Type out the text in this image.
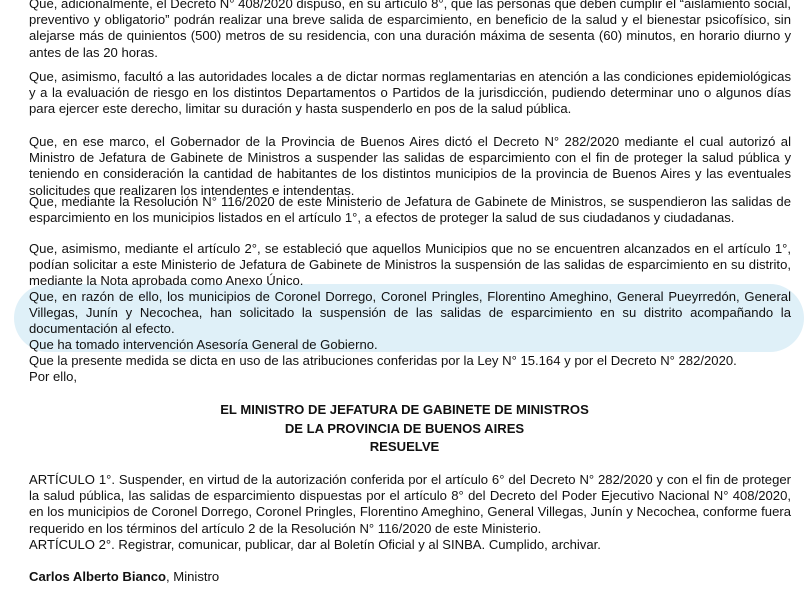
Que, adicionalmente, el Decreto N° 408/2020 dispuso, en su artículo 8°, que las personas que deben cumplir el “aislamiento social, preventivo y obligatorio” podrán realizar una breve salida de esparcimiento, en beneficio de la salud y el bienestar psicofísico, sin alejarse más de quinientos (500) metros de su residencia, con una duración máxima de sesenta (60) minutos, en horario diurno y antes de las 20 horas.

Que, asimismo, facultó a las autoridades locales a de dictar normas reglamentarias en atención a las condiciones epidemiológicas y a la evaluación de riesgo en los distintos Departamentos o Partidos de la jurisdicción, pudiendo determinar uno o algunos días para ejercer este derecho, limitar su duración y hasta suspenderlo en pos de la salud pública.

Que, en ese marco, el Gobernador de la Provincia de Buenos Aires dictó el Decreto N° 282/2020 mediante el cual autorizó al Ministro de Jefatura de Gabinete de Ministros a suspender las salidas de esparcimiento con el fin de proteger la salud pública y teniendo en consideración la cantidad de habitantes de los distintos municipios de la provincia de Buenos Aires y las eventuales solicitudes que realizaren los intendentes e intendentas.

Que, mediante la Resolución N° 116/2020 de este Ministerio de Jefatura de Gabinete de Ministros, se suspendieron las salidas de esparcimiento en los municipios listados en el artículo 1°, a efectos de proteger la salud de sus ciudadanos y ciudadanas.

Que, asimismo, mediante el artículo 2°, se estableció que aquellos Municipios que no se encuentren alcanzados en el artículo 1°, podían solicitar a este Ministerio de Jefatura de Gabinete de Ministros la suspensión de las salidas de esparcimiento en su distrito, mediante la Nota aprobada como Anexo Único.

Que, en razón de ello, los municipios de Coronel Dorrego, Coronel Pringles, Florentino Ameghino, General Pueyrredón, General Villegas, Junín y Necochea, han solicitado la suspensión de las salidas de esparcimiento en su distrito acompañando la documentación al efecto.

Que ha tomado intervención Asesoría General de Gobierno.

Que la presente medida se dicta en uso de las atribuciones conferidas por la Ley N° 15.164 y por el Decreto N° 282/2020.

Por ello,

EL MINISTRO DE JEFATURA DE GABINETE DE MINISTROS

DE LA PROVINCIA DE BUENOS AIRES

RESUELVE

ARTÍCULO 1°. Suspender, en virtud de la autorización conferida por el artículo 6° del Decreto N° 282/2020 y con el fin de proteger la salud pública, las salidas de esparcimiento dispuestas por el artículo 8° del Decreto del Poder Ejecutivo Nacional N° 408/2020, en los municipios de Coronel Dorrego, Coronel Pringles, Florentino Ameghino, General Villegas, Junín y Necochea, conforme fuera requerido en los términos del artículo 2 de la Resolución N° 116/2020 de este Ministerio.

ARTÍCULO 2°. Registrar, comunicar, publicar, dar al Boletín Oficial y al SINBA. Cumplido, archivar.

Carlos Alberto Bianco, Ministro
